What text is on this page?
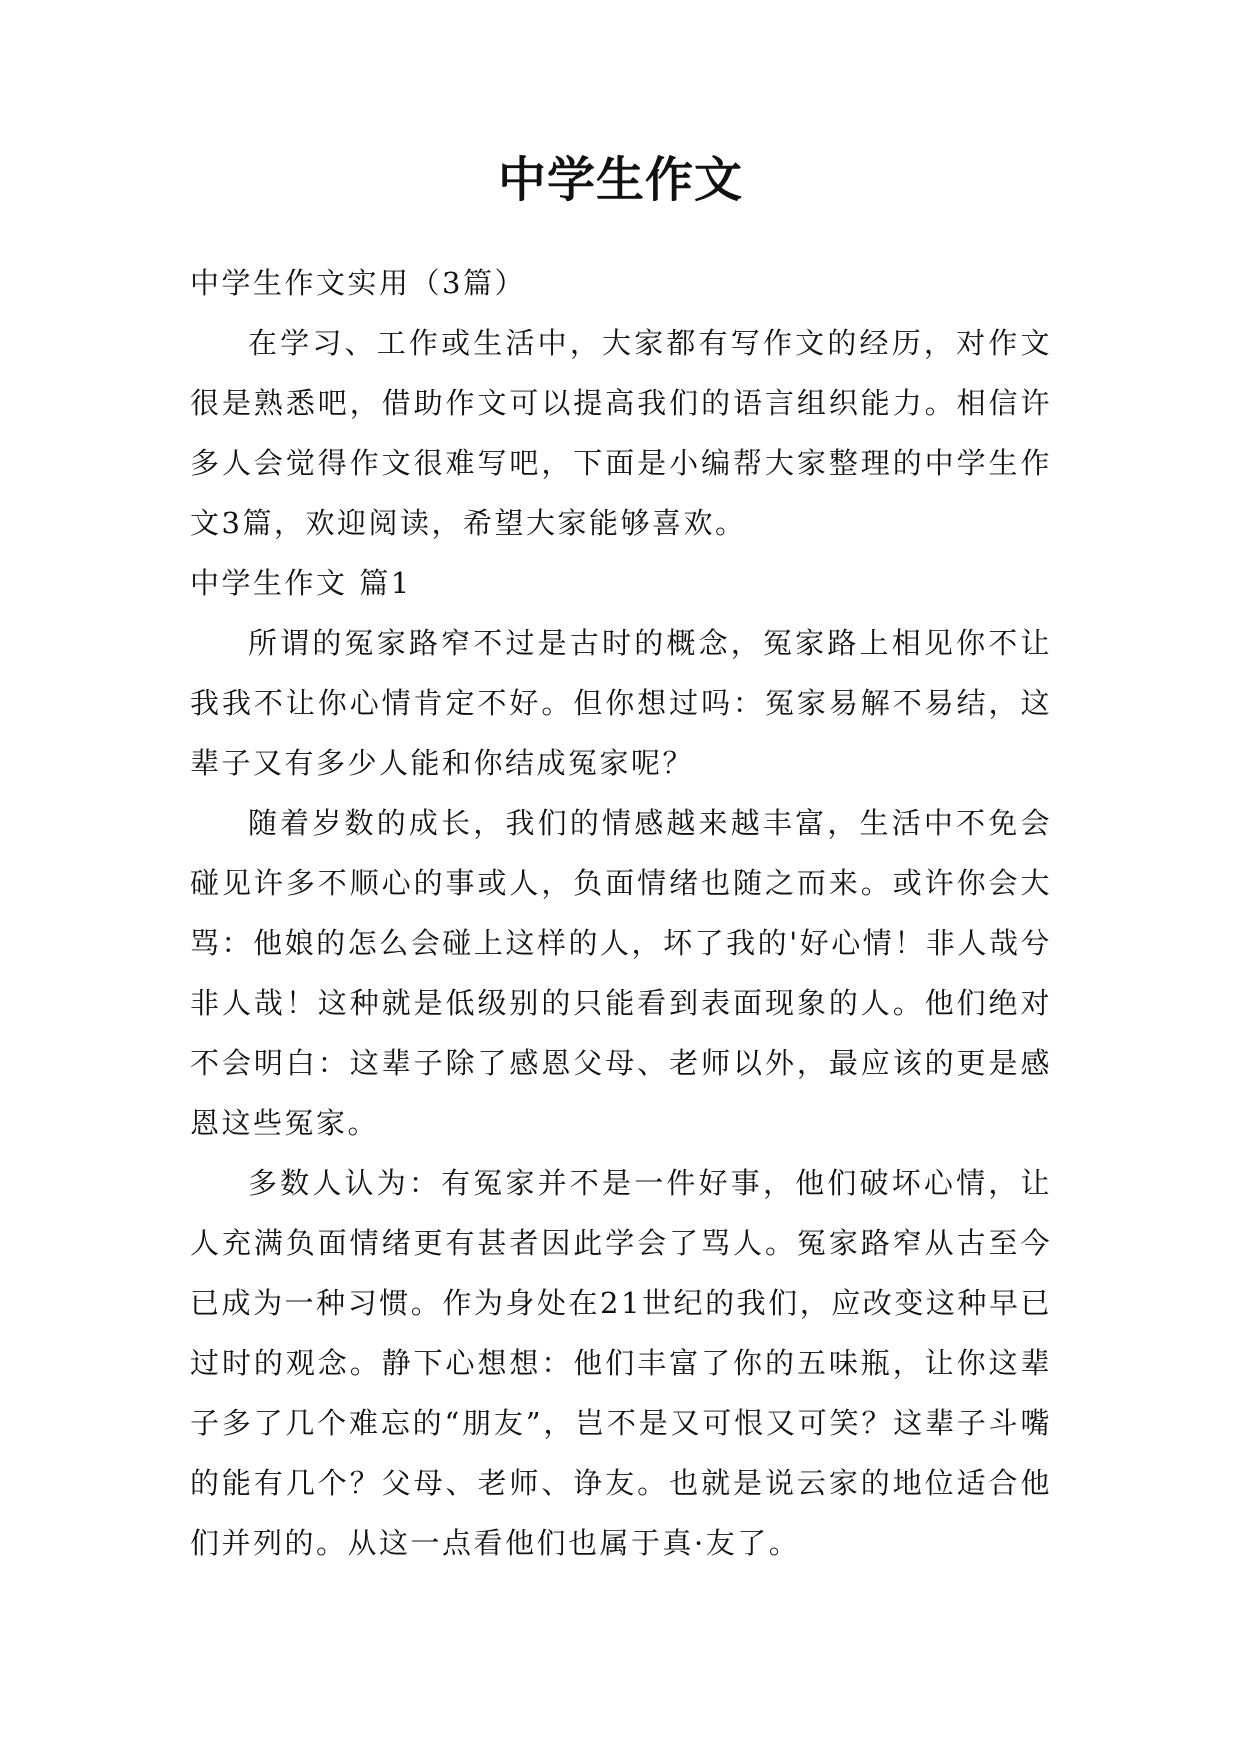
中学生作文

中学生作文实用（3篇）

在学习、工作或生活中，大家都有写作文的经历，对作文很是熟悉吧，借助作文可以提高我们的语言组织能力。相信许多人会觉得作文很难写吧，下面是小编帮大家整理的中学生作文3篇，欢迎阅读，希望大家能够喜欢。

中学生作文 篇1

所谓的冤家路窄不过是古时的概念，冤家路上相见你不让我我不让你心情肯定不好。但你想过吗：冤家易解不易结，这辈子又有多少人能和你结成冤家呢？

随着岁数的成长，我们的情感越来越丰富，生活中不免会碰见许多不顺心的事或人，负面情绪也随之而来。或许你会大骂：他娘的怎么会碰上这样的人，坏了我的'好心情！非人哉兮非人哉！这种就是低级别的只能看到表面现象的人。他们绝对不会明白：这辈子除了感恩父母、老师以外，最应该的更是感恩这些冤家。

多数人认为：有冤家并不是一件好事，他们破坏心情，让人充满负面情绪更有甚者因此学会了骂人。冤家路窄从古至今已成为一种习惯。作为身处在21世纪的我们，应改变这种早已过时的观念。静下心想想：他们丰富了你的五味瓶，让你这辈子多了几个难忘的“朋友”，岂不是又可恨又可笑？这辈子斗嘴的能有几个？父母、老师、诤友。也就是说云家的地位适合他们并列的。从这一点看他们也属于真·友了。
